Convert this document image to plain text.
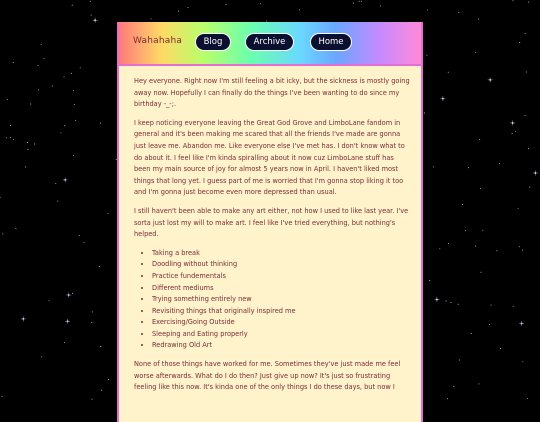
Wahahaha	Blog	Archive	Home

Hey everyone. Right now I'm still feeling a bit icky, but the sickness is mostly going away now. Hopefully I can finally do the things I've been wanting to do since my birthday -_-;.

I keep noticing everyone leaving the Great God Grove and LimboLane fandom in general and it's been making me scared that all the friends I've made are gonna just leave me. Abandon me. Like everyone else I've met has. I don't know what to do about it. I feel like I'm kinda spiralling about it now cuz LimboLane stuff has been my main source of joy for almost 5 years now in April. I haven't liked most things that long yet. I guess part of me is worried that I'm gonna stop liking it too and I'm gonna just become even more depressed than usual.

I still haven't been able to make any art either, not how I used to like last year. I've sorta just lost my will to make art. I feel like I've tried everything, but nothing's helped.

• Taking a break
• Doodling without thinking
• Practice fundementals
• Different mediums
• Trying something entirely new
• Revisiting things that originally inspired me
• Exercising/Going Outside
• Sleeping and Eating properly
• Redrawing Old Art

None of those things have worked for me. Sometimes they've just made me feel worse afterwards. What do I do then? Just give up now? It's just so frustrating feeling like this now. It's kinda one of the only things I do these days, but now I
